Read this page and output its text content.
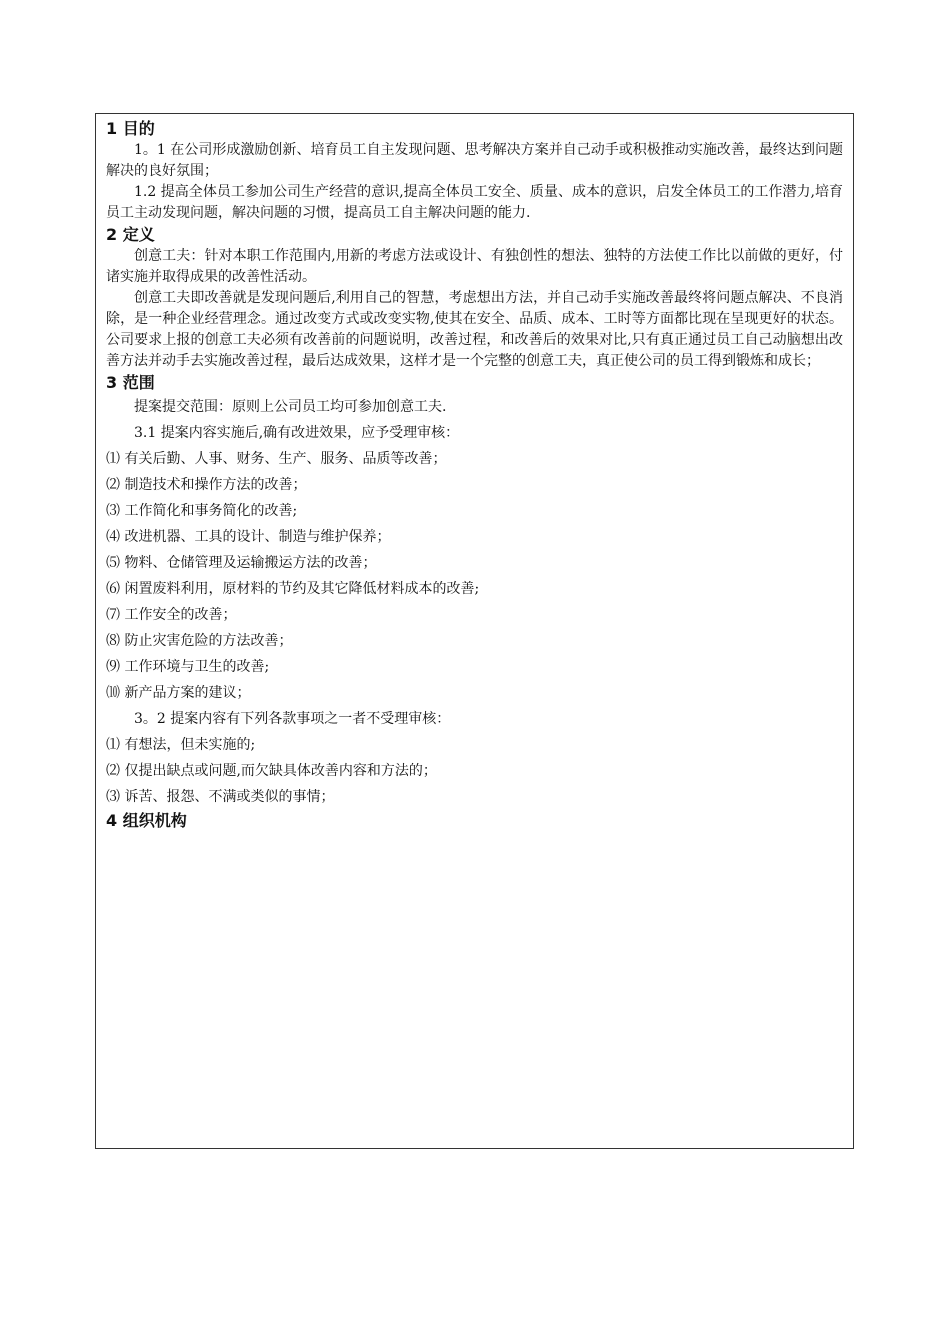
1 目的

1。1 在公司形成激励创新、培育员工自主发现问题、思考解决方案并自己动手或积极推动实施改善，最终达到问题解决的良好氛围；

1.2 提高全体员工参加公司生产经营的意识,提高全体员工安全、质量、成本的意识，启发全体员工的工作潜力,培育员工主动发现问题，解决问题的习惯，提高员工自主解决问题的能力.

2 定义

创意工夫：针对本职工作范围内,用新的考虑方法或设计、有独创性的想法、独特的方法使工作比以前做的更好，付诸实施并取得成果的改善性活动。

创意工夫即改善就是发现问题后,利用自己的智慧，考虑想出方法，并自己动手实施改善最终将问题点解决、不良消除，是一种企业经营理念。通过改变方式或改变实物,使其在安全、品质、成本、工时等方面都比现在呈现更好的状态。公司要求上报的创意工夫必须有改善前的问题说明，改善过程，和改善后的效果对比,只有真正通过员工自己动脑想出改善方法并动手去实施改善过程，最后达成效果，这样才是一个完整的创意工夫，真正使公司的员工得到锻炼和成长；

3 范围

提案提交范围：原则上公司员工均可参加创意工夫.

3.1 提案内容实施后,确有改进效果，应予受理审核：

⑴ 有关后勤、人事、财务、生产、服务、品质等改善；

⑵ 制造技术和操作方法的改善；

⑶ 工作简化和事务简化的改善;

⑷ 改进机器、工具的设计、制造与维护保养；

⑸ 物料、仓储管理及运输搬运方法的改善；

⑹ 闲置废料利用，原材料的节约及其它降低材料成本的改善;

⑺ 工作安全的改善；

⑻ 防止灾害危险的方法改善；

⑼ 工作环境与卫生的改善;

⑽ 新产品方案的建议；

3。2 提案内容有下列各款事项之一者不受理审核：

⑴ 有想法，但未实施的;

⑵ 仅提出缺点或问题,而欠缺具体改善内容和方法的；

⑶ 诉苦、报怨、不满或类似的事情；

4 组织机构
